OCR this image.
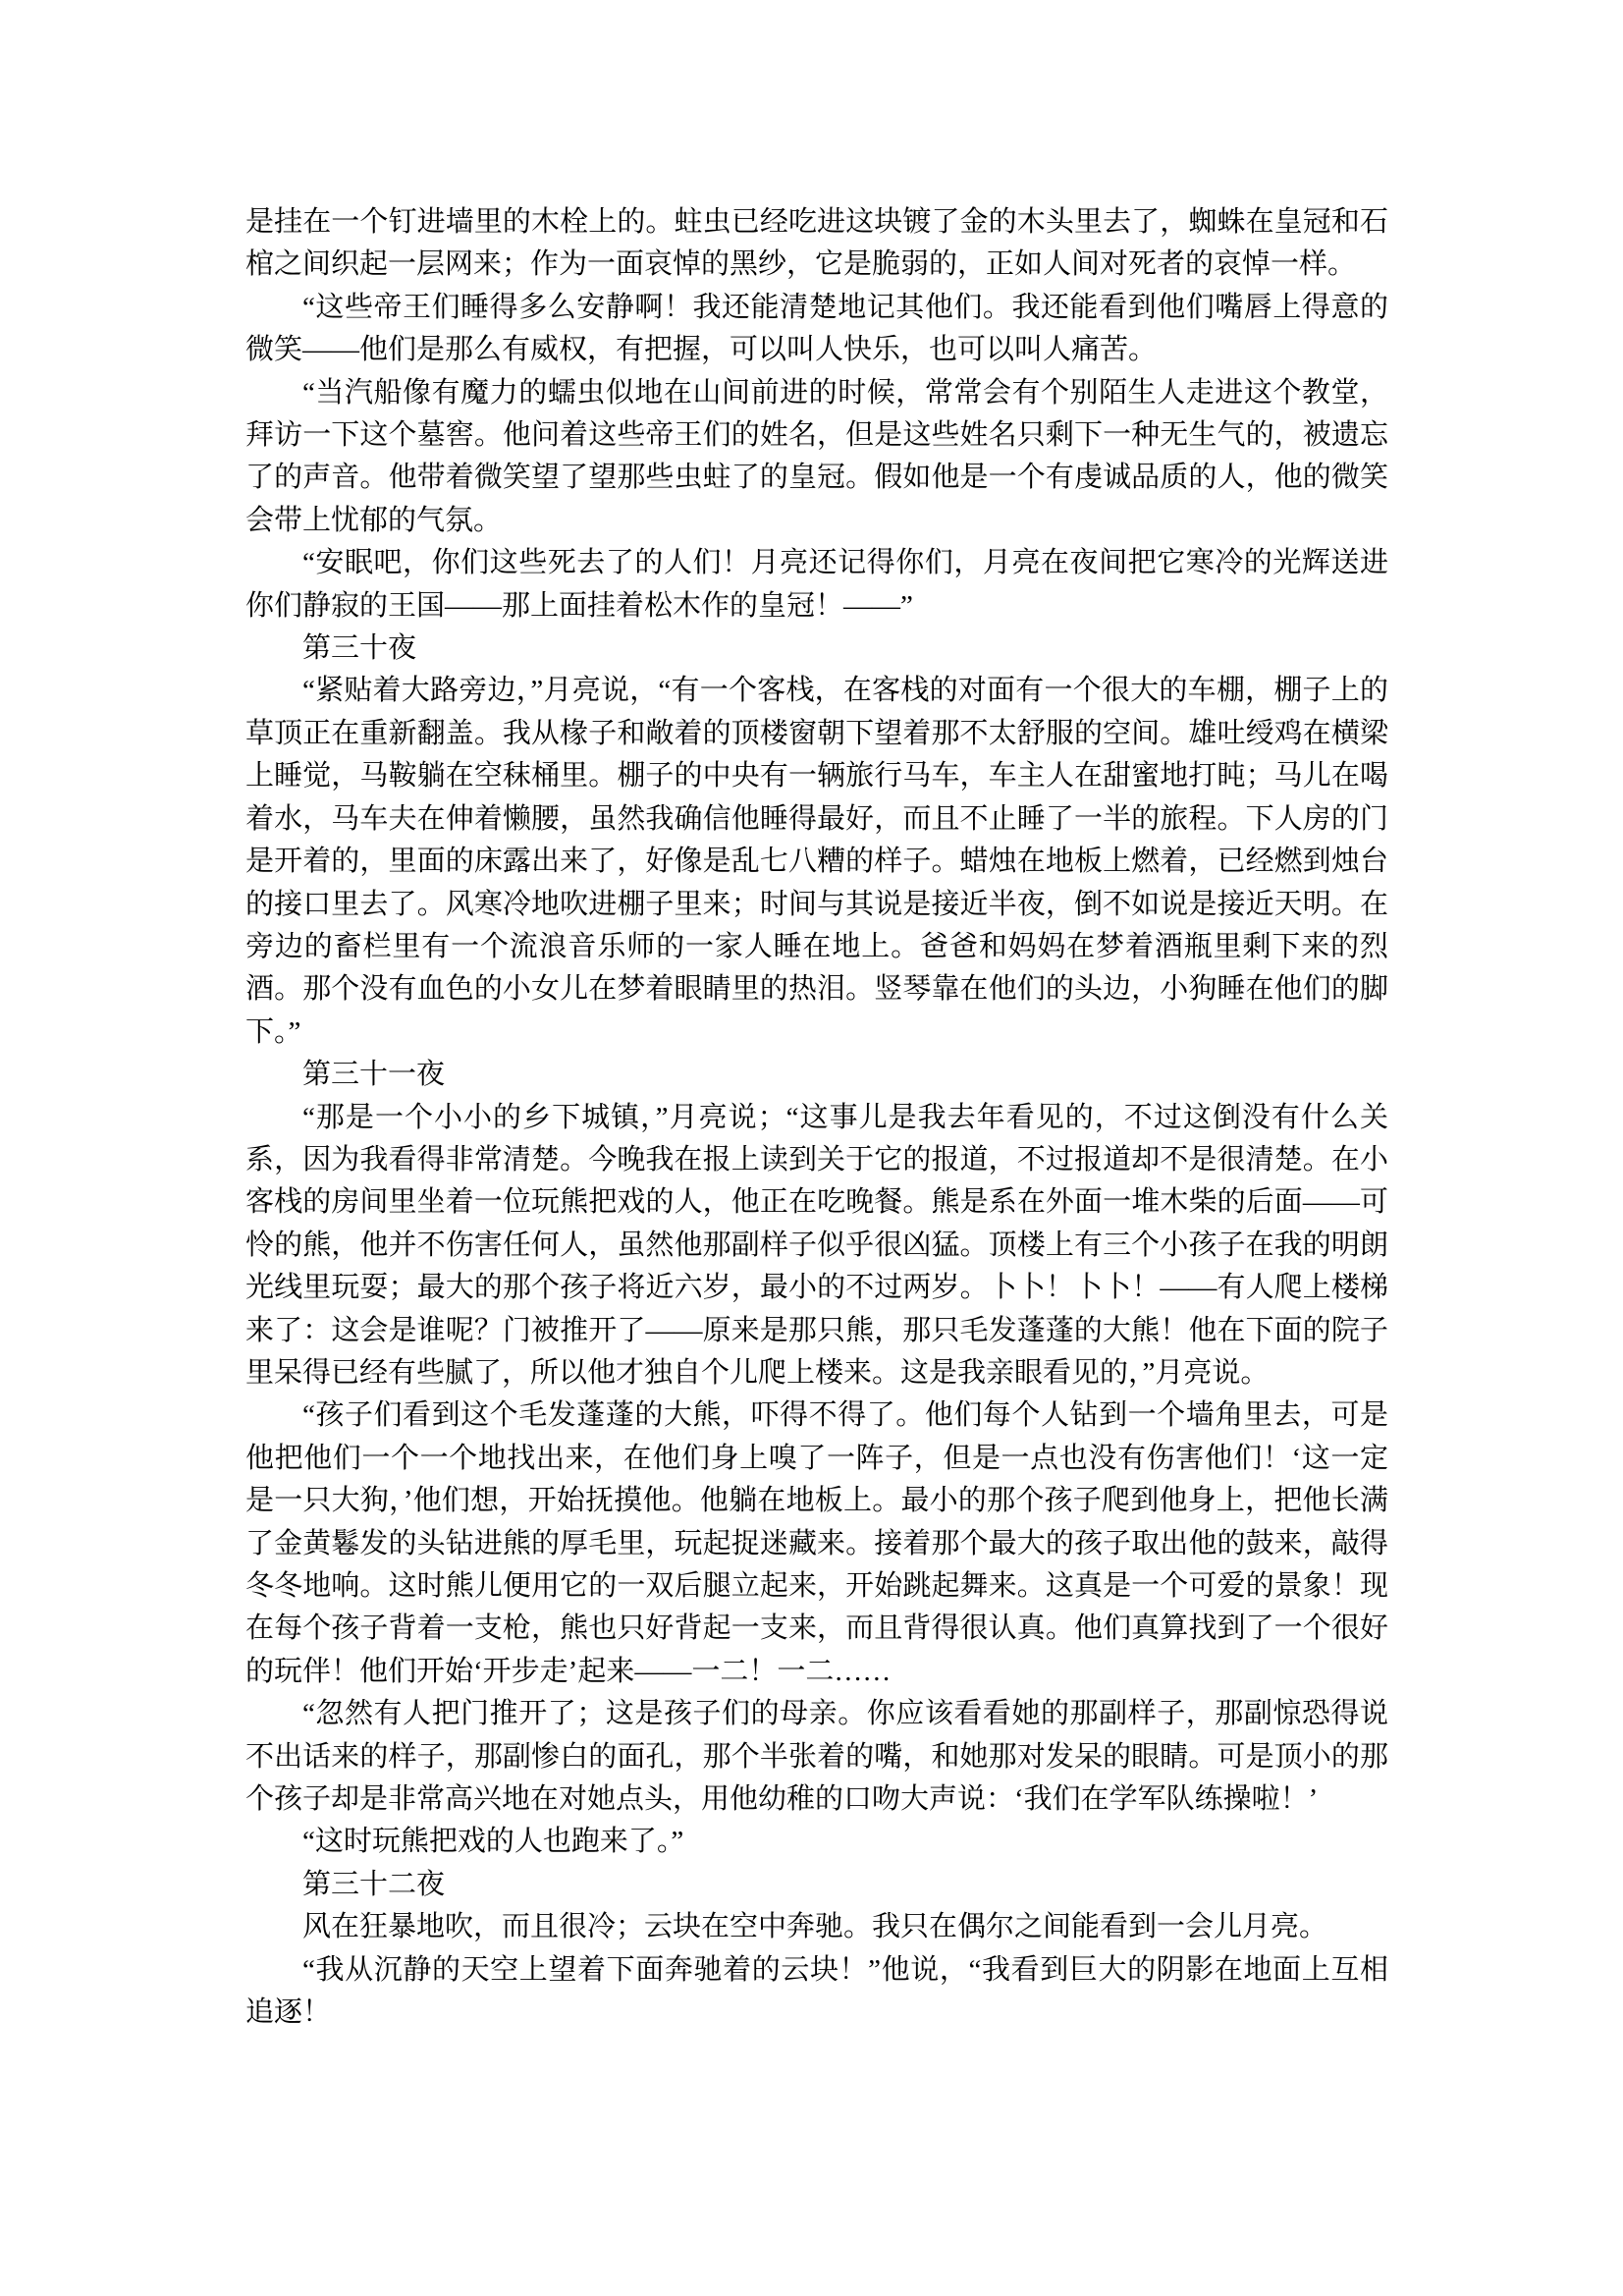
是挂在一个钉进墙里的木栓上的。蛀虫已经吃进这块镀了金的木头里去了，蜘蛛在皇冠和石棺之间织起一层网来；作为一面哀悼的黑纱，它是脆弱的，正如人间对死者的哀悼一样。

“这些帝王们睡得多么安静啊！我还能清楚地记其他们。我还能看到他们嘴唇上得意的微笑——他们是那么有威权，有把握，可以叫人快乐，也可以叫人痛苦。

“当汽船像有魔力的蠕虫似地在山间前进的时候，常常会有个别陌生人走进这个教堂，拜访一下这个墓窖。他问着这些帝王们的姓名，但是这些姓名只剩下一种无生气的，被遗忘了的声音。他带着微笑望了望那些虫蛀了的皇冠。假如他是一个有虔诚品质的人，他的微笑会带上忧郁的气氛。

“安眠吧，你们这些死去了的人们！月亮还记得你们，月亮在夜间把它寒冷的光辉送进你们静寂的王国——那上面挂着松木作的皇冠！——”

第三十夜

“紧贴着大路旁边，”月亮说，“有一个客栈，在客栈的对面有一个很大的车棚，棚子上的草顶正在重新翻盖。我从椽子和敞着的顶楼窗朝下望着那不太舒服的空间。雄吐绶鸡在横梁上睡觉，马鞍躺在空秣桶里。棚子的中央有一辆旅行马车，车主人在甜蜜地打盹；马儿在喝着水，马车夫在伸着懒腰，虽然我确信他睡得最好，而且不止睡了一半的旅程。下人房的门是开着的，里面的床露出来了，好像是乱七八糟的样子。蜡烛在地板上燃着，已经燃到烛台的接口里去了。风寒冷地吹进棚子里来；时间与其说是接近半夜，倒不如说是接近天明。在旁边的畜栏里有一个流浪音乐师的一家人睡在地上。爸爸和妈妈在梦着酒瓶里剩下来的烈酒。那个没有血色的小女儿在梦着眼睛里的热泪。竖琴靠在他们的头边，小狗睡在他们的脚下。”

第三十一夜

“那是一个小小的乡下城镇，”月亮说；“这事儿是我去年看见的，不过这倒没有什么关系，因为我看得非常清楚。今晚我在报上读到关于它的报道，不过报道却不是很清楚。在小客栈的房间里坐着一位玩熊把戏的人，他正在吃晚餐。熊是系在外面一堆木柴的后面——可怜的熊，他并不伤害任何人，虽然他那副样子似乎很凶猛。顶楼上有三个小孩子在我的明朗光线里玩耍；最大的那个孩子将近六岁，最小的不过两岁。卜卜！卜卜！——有人爬上楼梯来了：这会是谁呢？门被推开了——原来是那只熊，那只毛发蓬蓬的大熊！他在下面的院子里呆得已经有些腻了，所以他才独自个儿爬上楼来。这是我亲眼看见的，”月亮说。

“孩子们看到这个毛发蓬蓬的大熊，吓得不得了。他们每个人钻到一个墙角里去，可是他把他们一个一个地找出来，在他们身上嗅了一阵子，但是一点也没有伤害他们！‘这一定是一只大狗，’他们想，开始抚摸他。他躺在地板上。最小的那个孩子爬到他身上，把他长满了金黄鬈发的头钻进熊的厚毛里，玩起捉迷藏来。接着那个最大的孩子取出他的鼓来，敲得冬冬地响。这时熊儿便用它的一双后腿立起来，开始跳起舞来。这真是一个可爱的景象！现在每个孩子背着一支枪，熊也只好背起一支来，而且背得很认真。他们真算找到了一个很好的玩伴！他们开始‘开步走’起来——一二！一二……

“忽然有人把门推开了；这是孩子们的母亲。你应该看看她的那副样子，那副惊恐得说不出话来的样子，那副惨白的面孔，那个半张着的嘴，和她那对发呆的眼睛。可是顶小的那个孩子却是非常高兴地在对她点头，用他幼稚的口吻大声说：‘我们在学军队练操啦！’

“这时玩熊把戏的人也跑来了。”

第三十二夜

风在狂暴地吹，而且很冷；云块在空中奔驰。我只在偶尔之间能看到一会儿月亮。

“我从沉静的天空上望着下面奔驰着的云块！”他说，“我看到巨大的阴影在地面上互相追逐！
